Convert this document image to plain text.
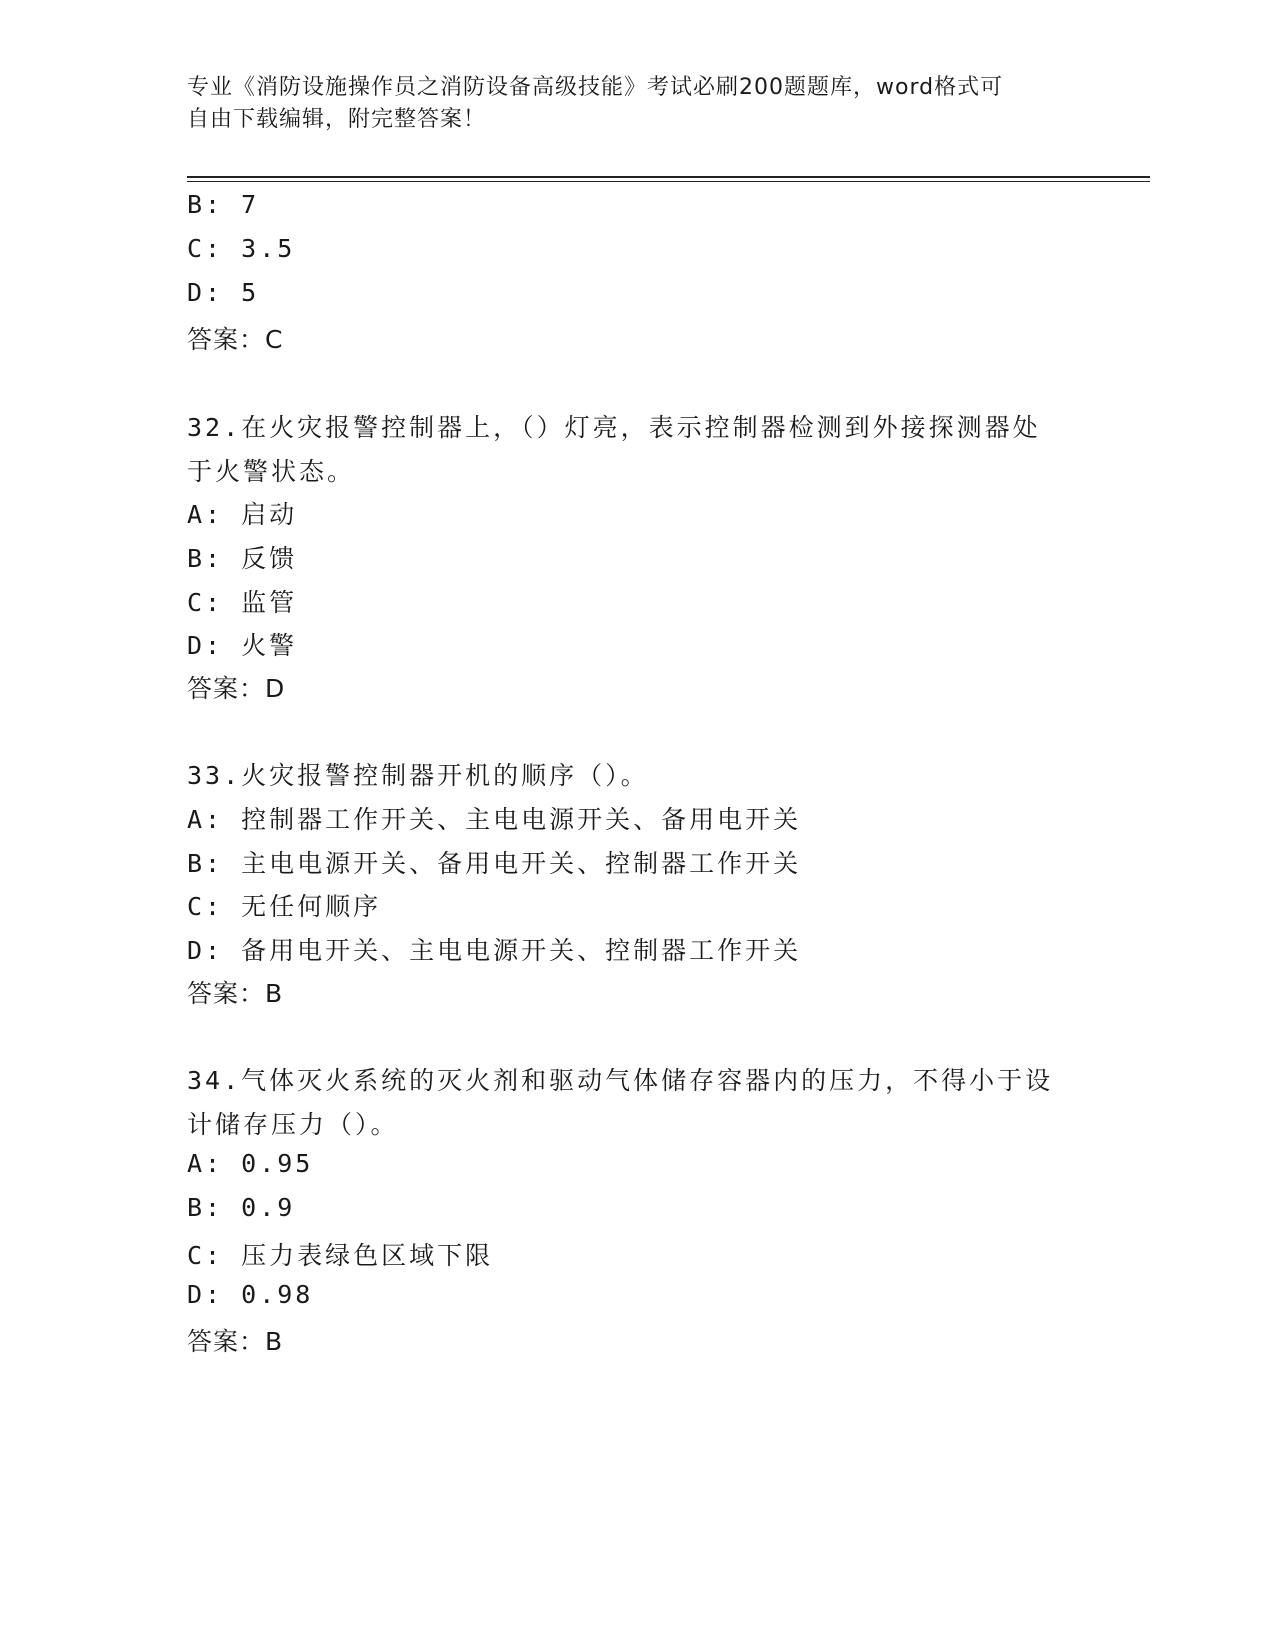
专业《消防设施操作员之消防设备高级技能》考试必刷200题题库，word格式可
自由下载编辑，附完整答案！
B: 7
C: 3.5
D: 5
答案：C
32.在火灾报警控制器上，（）灯亮，表示控制器检测到外接探测器处
于火警状态。
A: 启动
B: 反馈
C: 监管
D: 火警
答案：D
33.火灾报警控制器开机的顺序（）。
A: 控制器工作开关、主电电源开关、备用电开关
B: 主电电源开关、备用电开关、控制器工作开关
C: 无任何顺序
D: 备用电开关、主电电源开关、控制器工作开关
答案：B
34.气体灭火系统的灭火剂和驱动气体储存容器内的压力，不得小于设
计储存压力（）。
A: 0.95
B: 0.9
C: 压力表绿色区域下限
D: 0.98
答案：B
